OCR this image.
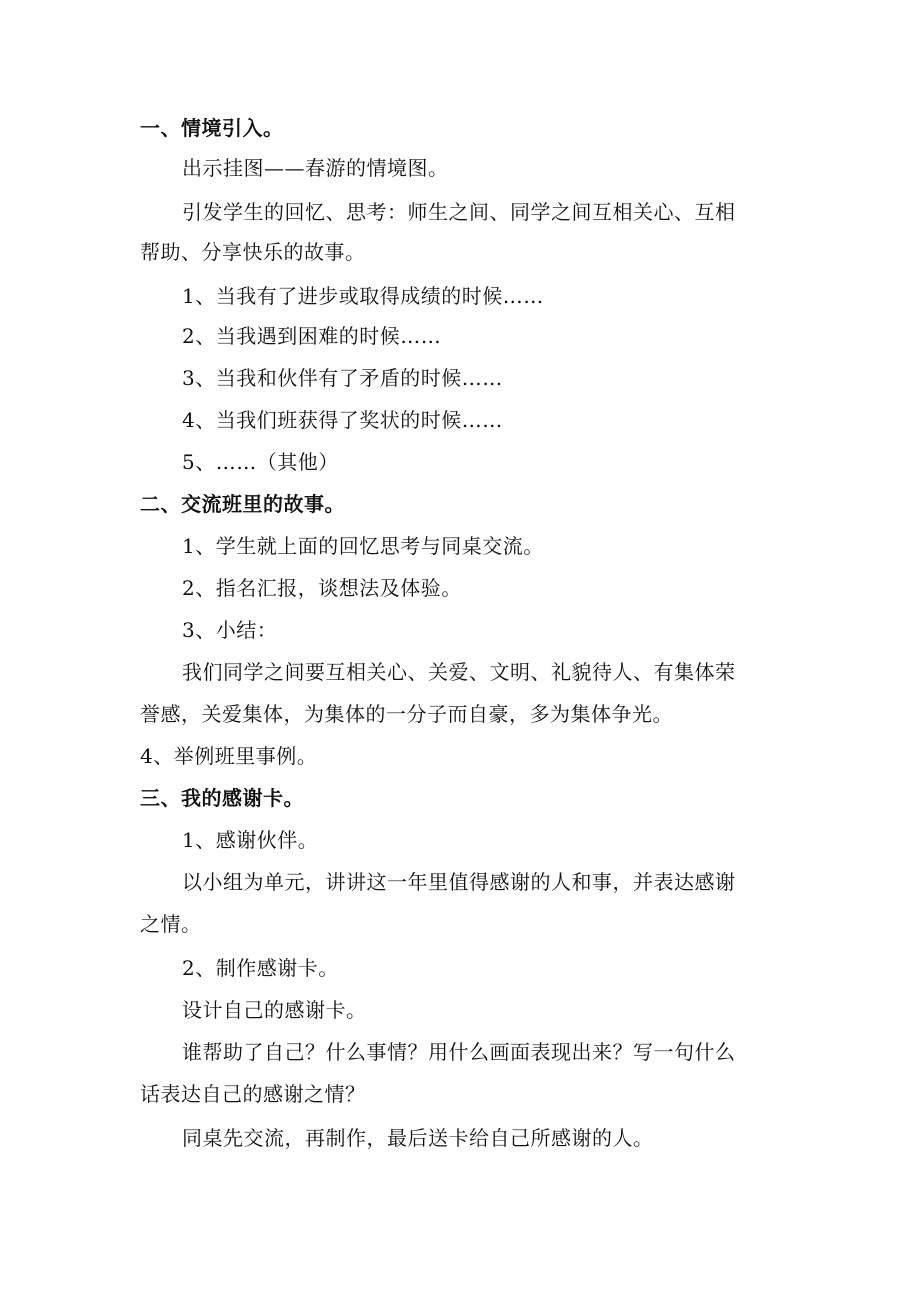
一、情境引入。
出示挂图——春游的情境图。
引发学生的回忆、思考：师生之间、同学之间互相关心、互相
帮助、分享快乐的故事。
1、当我有了进步或取得成绩的时候……
2、当我遇到困难的时候……
3、当我和伙伴有了矛盾的时候……
4、当我们班获得了奖状的时候……
5、……（其他）
二、交流班里的故事。
1、学生就上面的回忆思考与同桌交流。
2、指名汇报，谈想法及体验。
3、小结：
我们同学之间要互相关心、关爱、文明、礼貌待人、有集体荣
誉感，关爱集体，为集体的一分子而自豪，多为集体争光。
4、举例班里事例。
三、我的感谢卡。
1、感谢伙伴。
以小组为单元，讲讲这一年里值得感谢的人和事，并表达感谢
之情。
2、制作感谢卡。
设计自己的感谢卡。
谁帮助了自己？什么事情？用什么画面表现出来？写一句什么
话表达自己的感谢之情？
同桌先交流，再制作，最后送卡给自己所感谢的人。
